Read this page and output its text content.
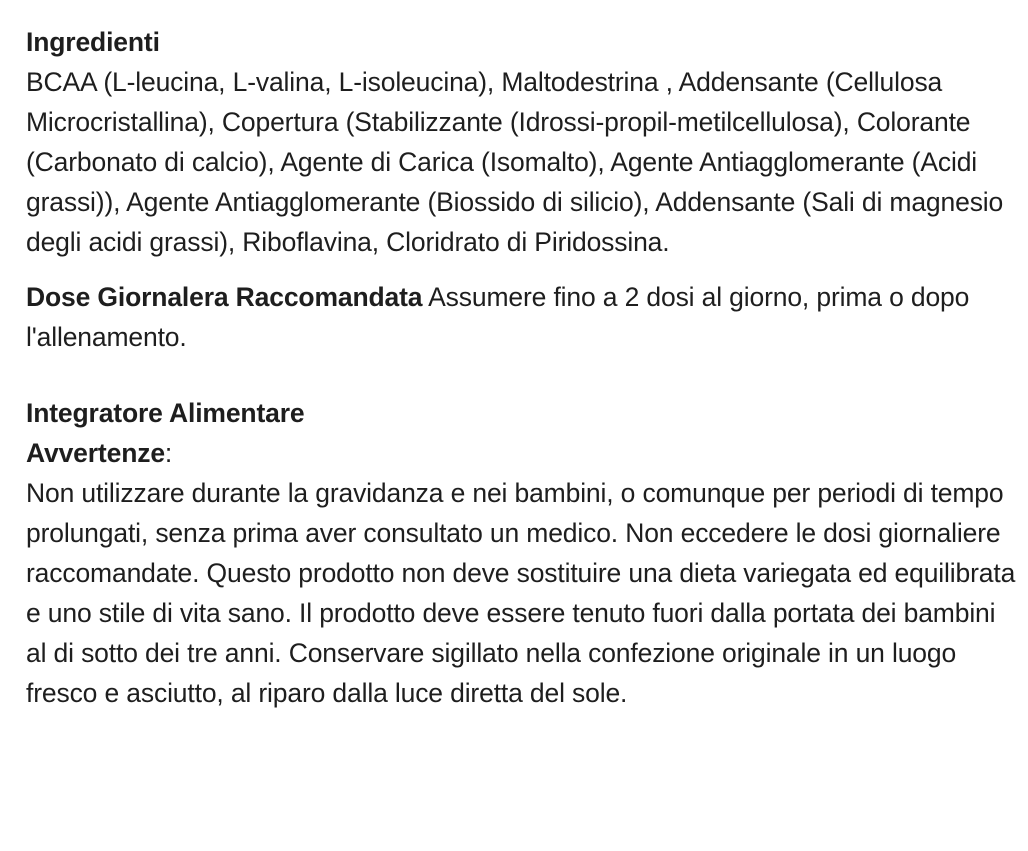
Ingredienti
BCAA (L-leucina, L-valina, L-isoleucina), Maltodestrina , Addensante (Cellulosa Microcristallina), Copertura (Stabilizzante (Idrossi-propil-metilcellulosa), Colorante (Carbonato di calcio), Agente di Carica (Isomalto), Agente Antiagglomerante (Acidi grassi)), Agente Antiagglomerante (Biossido di silicio), Addensante (Sali di magnesio degli acidi grassi), Riboflavina, Cloridrato di Piridossina.
Dose Giornalera Raccomandata Assumere fino a 2 dosi al giorno, prima o dopo l'allenamento.
Integratore Alimentare
Avvertenze:
Non utilizzare durante la gravidanza e nei bambini, o comunque per periodi di tempo prolungati, senza prima aver consultato un medico. Non eccedere le dosi giornaliere raccomandate. Questo prodotto non deve sostituire una dieta variegata ed equilibrata e uno stile di vita sano. Il prodotto deve essere tenuto fuori dalla portata dei bambini al di sotto dei tre anni. Conservare sigillato nella confezione originale in un luogo fresco e asciutto, al riparo dalla luce diretta del sole.
